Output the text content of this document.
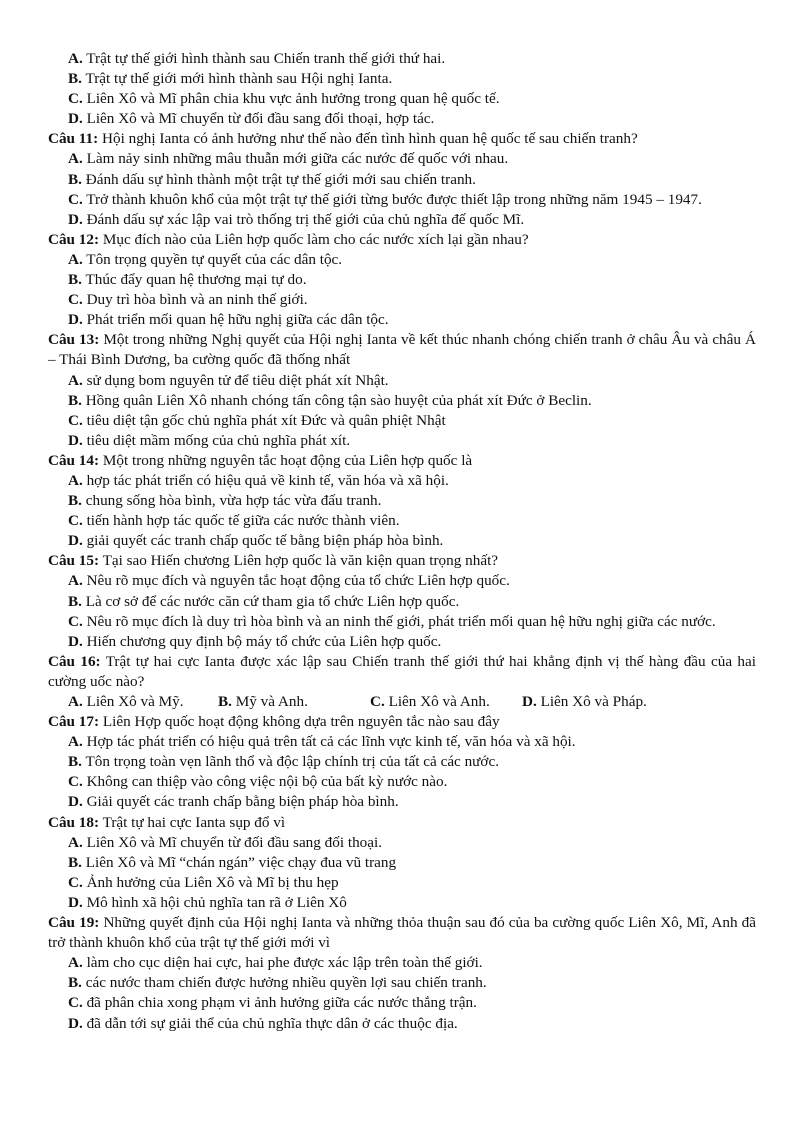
A. Trật tự thế giới hình thành sau Chiến tranh thế giới thứ hai.
B. Trật tự thế giới mới hình thành sau Hội nghị Ianta.
C. Liên Xô và Mĩ phân chia khu vực ảnh hưởng trong quan hệ quốc tế.
D. Liên Xô và Mĩ chuyển từ đối đầu sang đối thoại, hợp tác.
Câu 11: Hội nghị Ianta có ảnh hưởng như thế nào đến tình hình quan hệ quốc tế sau chiến tranh?
A. Làm nảy sinh những mâu thuẫn mới giữa các nước đế quốc với nhau.
B. Đánh dấu sự hình thành một trật tự thế giới mới sau chiến tranh.
C. Trở thành khuôn khổ của một trật tự thế giới từng bước được thiết lập trong những năm 1945 – 1947.
D. Đánh dấu sự xác lập vai trò thống trị thế giới của chủ nghĩa đế quốc Mĩ.
Câu 12: Mục đích nào của Liên hợp quốc làm cho các nước xích lại gần nhau?
A. Tôn trọng quyền tự quyết của các dân tộc.
B. Thúc đẩy quan hệ thương mại tự do.
C. Duy trì hòa bình và an ninh thế giới.
D. Phát triển mối quan hệ hữu nghị giữa các dân tộc.
Câu 13: Một trong những Nghị quyết của Hội nghị Ianta về kết thúc nhanh chóng chiến tranh ở châu Âu và châu Á – Thái Bình Dương, ba cường quốc đã thống nhất
A. sử dụng bom nguyên tử để tiêu diệt phát xít Nhật.
B. Hồng quân Liên Xô nhanh chóng tấn công tận sào huyệt của phát xít Đức ở Beclin.
C. tiêu diệt tận gốc chủ nghĩa phát xít Đức và quân phiệt Nhật
D. tiêu diệt mầm mống của chủ nghĩa phát xít.
Câu 14: Một trong những nguyên tắc hoạt động của Liên hợp quốc là
A. hợp tác phát triển có hiệu quả về kinh tế, văn hóa và xã hội.
B. chung sống hòa bình, vừa hợp tác vừa đấu tranh.
C. tiến hành hợp tác quốc tế giữa các nước thành viên.
D. giải quyết các tranh chấp quốc tế bằng biện pháp hòa bình.
Câu 15: Tại sao Hiến chương Liên hợp quốc là văn kiện quan trọng nhất?
A. Nêu rõ mục đích và nguyên tắc hoạt động của tổ chức Liên hợp quốc.
B. Là cơ sở để các nước căn cứ tham gia tổ chức Liên hợp quốc.
C. Nêu rõ mục đích là duy trì hòa bình và an ninh thế giới, phát triển mối quan hệ hữu nghị giữa các nước.
D. Hiến chương quy định bộ máy tổ chức của Liên hợp quốc.
Câu 16: Trật tự hai cực Ianta được xác lập sau Chiến tranh thế giới thứ hai khẳng định vị thế hàng đầu của hai cường uốc nào?
A. Liên Xô và Mỹ. B. Mỹ và Anh.	C. Liên Xô và Anh. D. Liên Xô và Pháp.
Câu 17: Liên Hợp quốc hoạt động không dựa trên nguyên tắc nào sau đây
A. Hợp tác phát triển có hiệu quả trên tất cả các lĩnh vực kinh tế, văn hóa và xã hội.
B. Tôn trọng toàn vẹn lãnh thổ và độc lập chính trị của tất cả các nước.
C. Không can thiệp vào công việc nội bộ của bất kỳ nước nào.
D. Giải quyết các tranh chấp bằng biện pháp hòa bình.
Câu 18: Trật tự hai cực Ianta sụp đổ vì
A. Liên Xô và Mĩ chuyển từ đối đầu sang đối thoại.
B. Liên Xô và Mĩ “chán ngán” việc chạy đua vũ trang
C. Ảnh hưởng của Liên Xô và Mĩ bị thu hẹp
D. Mô hình xã hội chủ nghĩa tan rã ở Liên Xô
Câu 19: Những quyết định của Hội nghị Ianta và những thỏa thuận sau đó của ba cường quốc Liên Xô, Mĩ, Anh đã trở thành khuôn khổ của trật tự thế giới mới vì
A. làm cho cục diện hai cực, hai phe được xác lập trên toàn thế giới.
B. các nước tham chiến được hưởng nhiều quyền lợi sau chiến tranh.
C. đã phân chia xong phạm vi ảnh hưởng giữa các nước thắng trận.
D. đã dẫn tới sự giải thể của chủ nghĩa thực dân ở các thuộc địa.
